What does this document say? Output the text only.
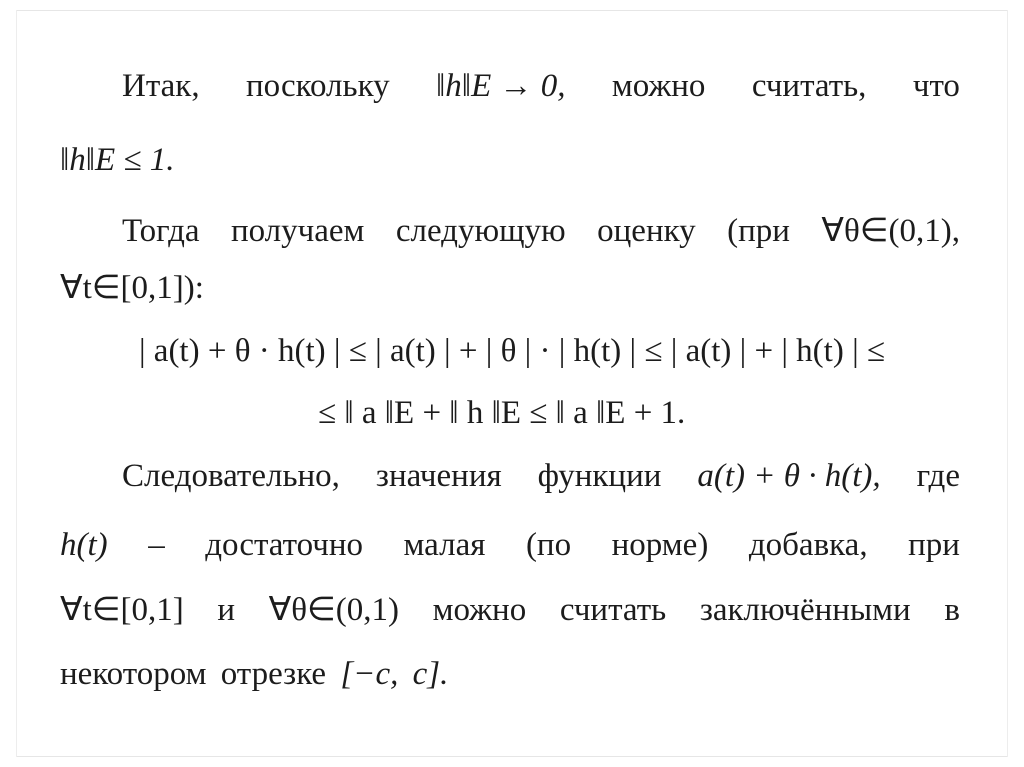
Итак, поскольку ‖h‖E → 0, можно считать, что
‖h‖E ≤ 1.
Тогда получаем следующую оценку (при ∀θ∈(0,1),
∀t∈[0,1]):
| a(t) + θ · h(t) | ≤ | a(t) | + | θ | · | h(t) | ≤ | a(t) | + | h(t) | ≤
≤ ‖ a ‖E + ‖ h ‖E ≤ ‖ a ‖E + 1.
Следовательно, значения функции a(t) + θ · h(t), где
h(t) – достаточно малая (по норме) добавка, при
∀t∈[0,1] и ∀θ∈(0,1) можно считать заключёнными в
некотором отрезке [−c, c].
